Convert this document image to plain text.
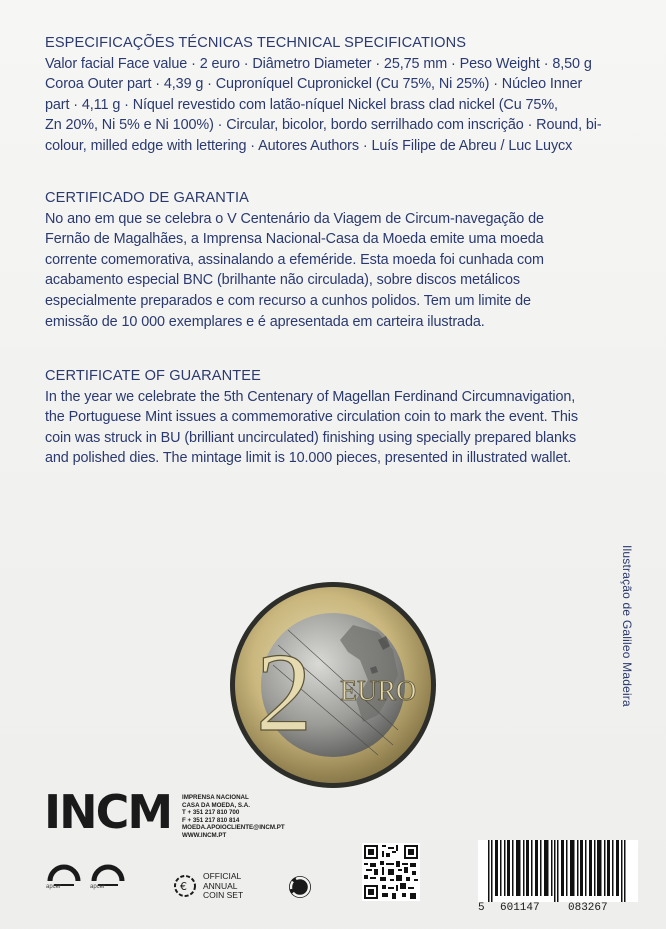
ESPECIFICAÇÕES TÉCNICAS TECHNICAL SPECIFICATIONS

Valor facial Face value · 2 euro · Diâmetro Diameter · 25,75 mm · Peso Weight · 8,50 g

Coroa Outer part · 4,39 g · Cuproníquel Cupronickel (Cu 75%, Ni 25%) · Núcleo Inner

part · 4,11 g · Níquel revestido com latão-níquel Nickel brass clad nickel (Cu 75%,

Zn 20%, Ni 5% e Ni 100%) · Circular, bicolor, bordo serrilhado com inscrição · Round, bi-

colour, milled edge with lettering · Autores Authors · Luís Filipe de Abreu / Luc Luycx

CERTIFICADO DE GARANTIA

No ano em que se celebra o V Centenário da Viagem de Circum-navegação de

Fernão de Magalhães, a Imprensa Nacional-Casa da Moeda emite uma moeda

corrente comemorativa, assinalando a efeméride. Esta moeda foi cunhada com

acabamento especial BNC (brilhante não circulada), sobre discos metálicos

especialmente preparados e com recurso a cunhos polidos. Tem um limite de

emissão de 10 000 exemplares e é apresentada em carteira ilustrada.

CERTIFICATE OF GUARANTEE

In the year we celebrate the 5th Centenary of Magellan Ferdinand Circumnavigation,

the Portuguese Mint issues a commemorative circulation coin to mark the event. This

coin was struck in BU (brilliant uncirculated) finishing using specially prepared blanks

and polished dies. The mintage limit is 10.000 pieces, presented in illustrated wallet.

Ilustração de Galileo Madeira
2 EURO
INCM IMPRENSA NACIONAL
CASA DA MOEDA, S.A.
T + 351 217 810 700
F + 351 217 810 814
MOEDA.APOIOCLIENTE@INCM.PT
WWW.INCM.PT
apcer	apcer	€
OFFICIAL
ANNUAL
COIN SET
5 601147	083267
